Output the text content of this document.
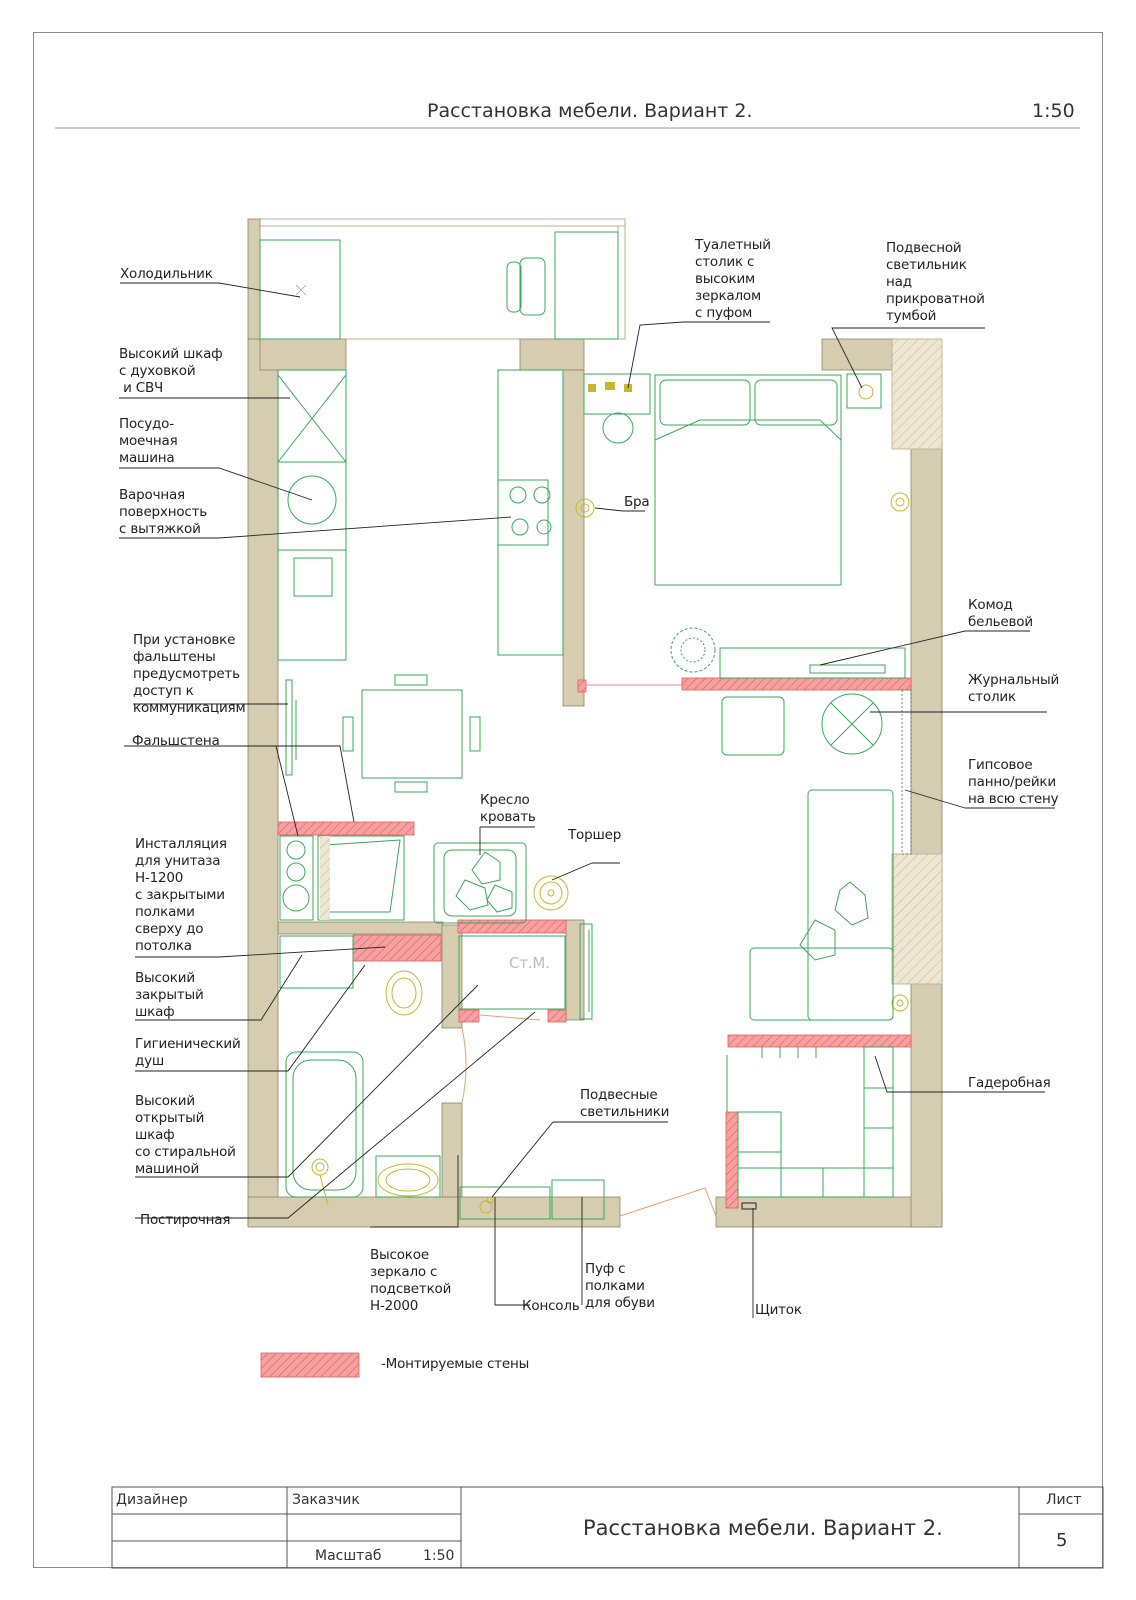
Расстановка мебели. Вариант 2.	1:50
Холодильник
Высокий шкаф
с духовкой
и СВЧ
Посудо-
моечная
машина
Варочная
поверхность
с вытяжкой
При установке
фальштены
предусмотреть
доступ к
коммуникациям
Фальшстена
Инсталляция
для унитаза
Н-1200
с закрытыми
полками
сверху до
потолка
Высокий
закрытый
шкаф
Гигиенический
душ
Высокий
открытый
шкаф
со стиральной
машиной
Постирочная
Высокое
зеркало с
подсветкой
Н-2000	Консоль
Пуф с
полками
для обуви	Щиток
Подвесные
светильники
Торшер
Кресло
кровать
Гадеробная
Гипсовое
панно/рейки
на всю стену
Журнальный
столик
Комод
бельевой
Бра
Туалетный
столик с
высоким
зеркалом
с пуфом
Подвесной
светильник
над
прикроватной
тумбой
Ст.М.
-Монтируемые стены
Дизайнер	Заказчик
Масштаб	1:50
Расстановка мебели. Вариант 2.
Лист
5
